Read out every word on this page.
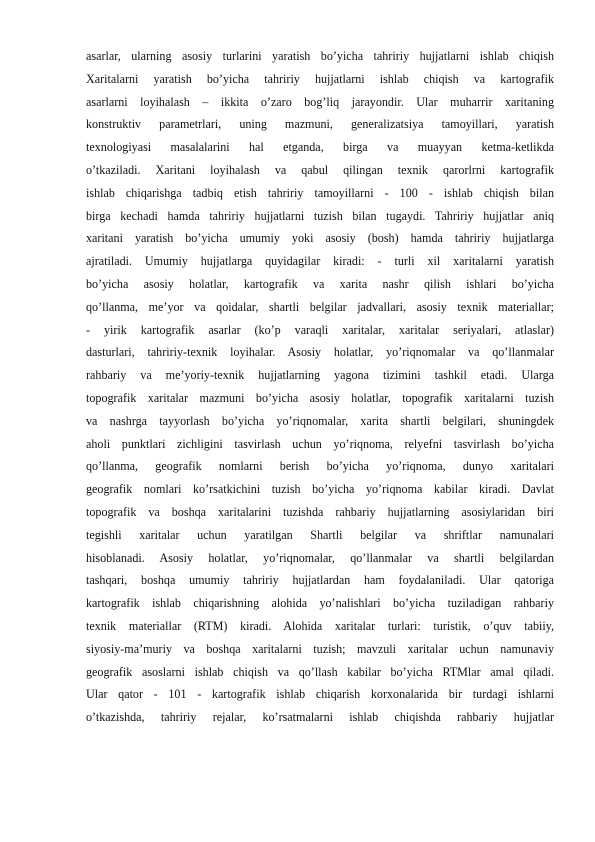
asarlar, ularning asosiy turlarini yaratish bo’yicha tahririy hujjatlarni ishlab chiqish
Xaritalarni yaratish bo’yicha tahririy hujjatlarni ishlab chiqish va kartografik
asarlarni loyihalash – ikkita o’zaro bog’liq jarayondir. Ular muharrir xaritaning
konstruktiv parametrlari, uning mazmuni, generalizatsiya tamoyillari, yaratish
texnologiyasi masalalarini hal etganda, birga va muayyan ketma-ketlikda
o’tkaziladi. Xaritani loyihalash va qabul qilingan texnik qarorlrni kartografik
ishlab chiqarishga tadbiq etish tahririy tamoyillarni - 100 - ishlab chiqish bilan
birga kechadi hamda tahririy hujjatlarni tuzish bilan tugaydi. Tahririy hujjatlar aniq
xaritani yaratish bo’yicha umumiy yoki asosiy (bosh) hamda tahririy hujjatlarga
ajratiladi. Umumiy hujjatlarga quyidagilar kiradi: - turli xil xaritalarni yaratish
bo’yicha asosiy holatlar, kartografik va xarita nashr qilish ishlari bo’yicha
qo’llanma, me’yor va qoidalar, shartli belgilar jadvallari, asosiy texnik materiallar;
- yirik kartografik asarlar (ko’p varaqli xaritalar, xaritalar seriyalari, atlaslar)
dasturlari, tahririy-texnik loyihalar. Asosiy holatlar, yo’riqnomalar va qo’llanmalar
rahbariy va me’yoriy-texnik hujjatlarning yagona tizimini tashkil etadi. Ularga
topografik xaritalar mazmuni bo’yicha asosiy holatlar, topografik xaritalarni tuzish
va nashrga tayyorlash bo’yicha yo’riqnomalar, xarita shartli belgilari, shuningdek
aholi punktlari zichligini tasvirlash uchun yo’riqnoma, relyefni tasvirlash bo’yicha
qo’llanma, geografik nomlarni berish bo’yicha yo’riqnoma, dunyo xaritalari
geografik nomlari ko’rsatkichini tuzish bo’yicha yo’riqnoma kabilar kiradi. Davlat
topografik va boshqa xaritalarini tuzishda rahbariy hujjatlarning asosiylaridan biri
tegishli xaritalar uchun yaratilgan Shartli belgilar va shriftlar namunalari
hisoblanadi. Asosiy holatlar, yo’riqnomalar, qo’llanmalar va shartli belgilardan
tashqari, boshqa umumiy tahririy hujjatlardan ham foydalaniladi. Ular qatoriga
kartografik ishlab chiqarishning alohida yo’nalishlari bo’yicha tuziladigan rahbariy
texnik materiallar (RTM) kiradi. Alohida xaritalar turlari: turistik, o’quv tabiiy,
siyosiy-ma’muriy va boshqa xaritalarni tuzish; mavzuli xaritalar uchun namunaviy
geografik asoslarni ishlab chiqish va qo’llash kabilar bo’yicha RTMlar amal qiladi.
Ular qator - 101 - kartografik ishlab chiqarish korxonalarida bir turdagi ishlarni
o’tkazishda, tahririy rejalar, ko’rsatmalarni ishlab chiqishda rahbariy hujjatlar
